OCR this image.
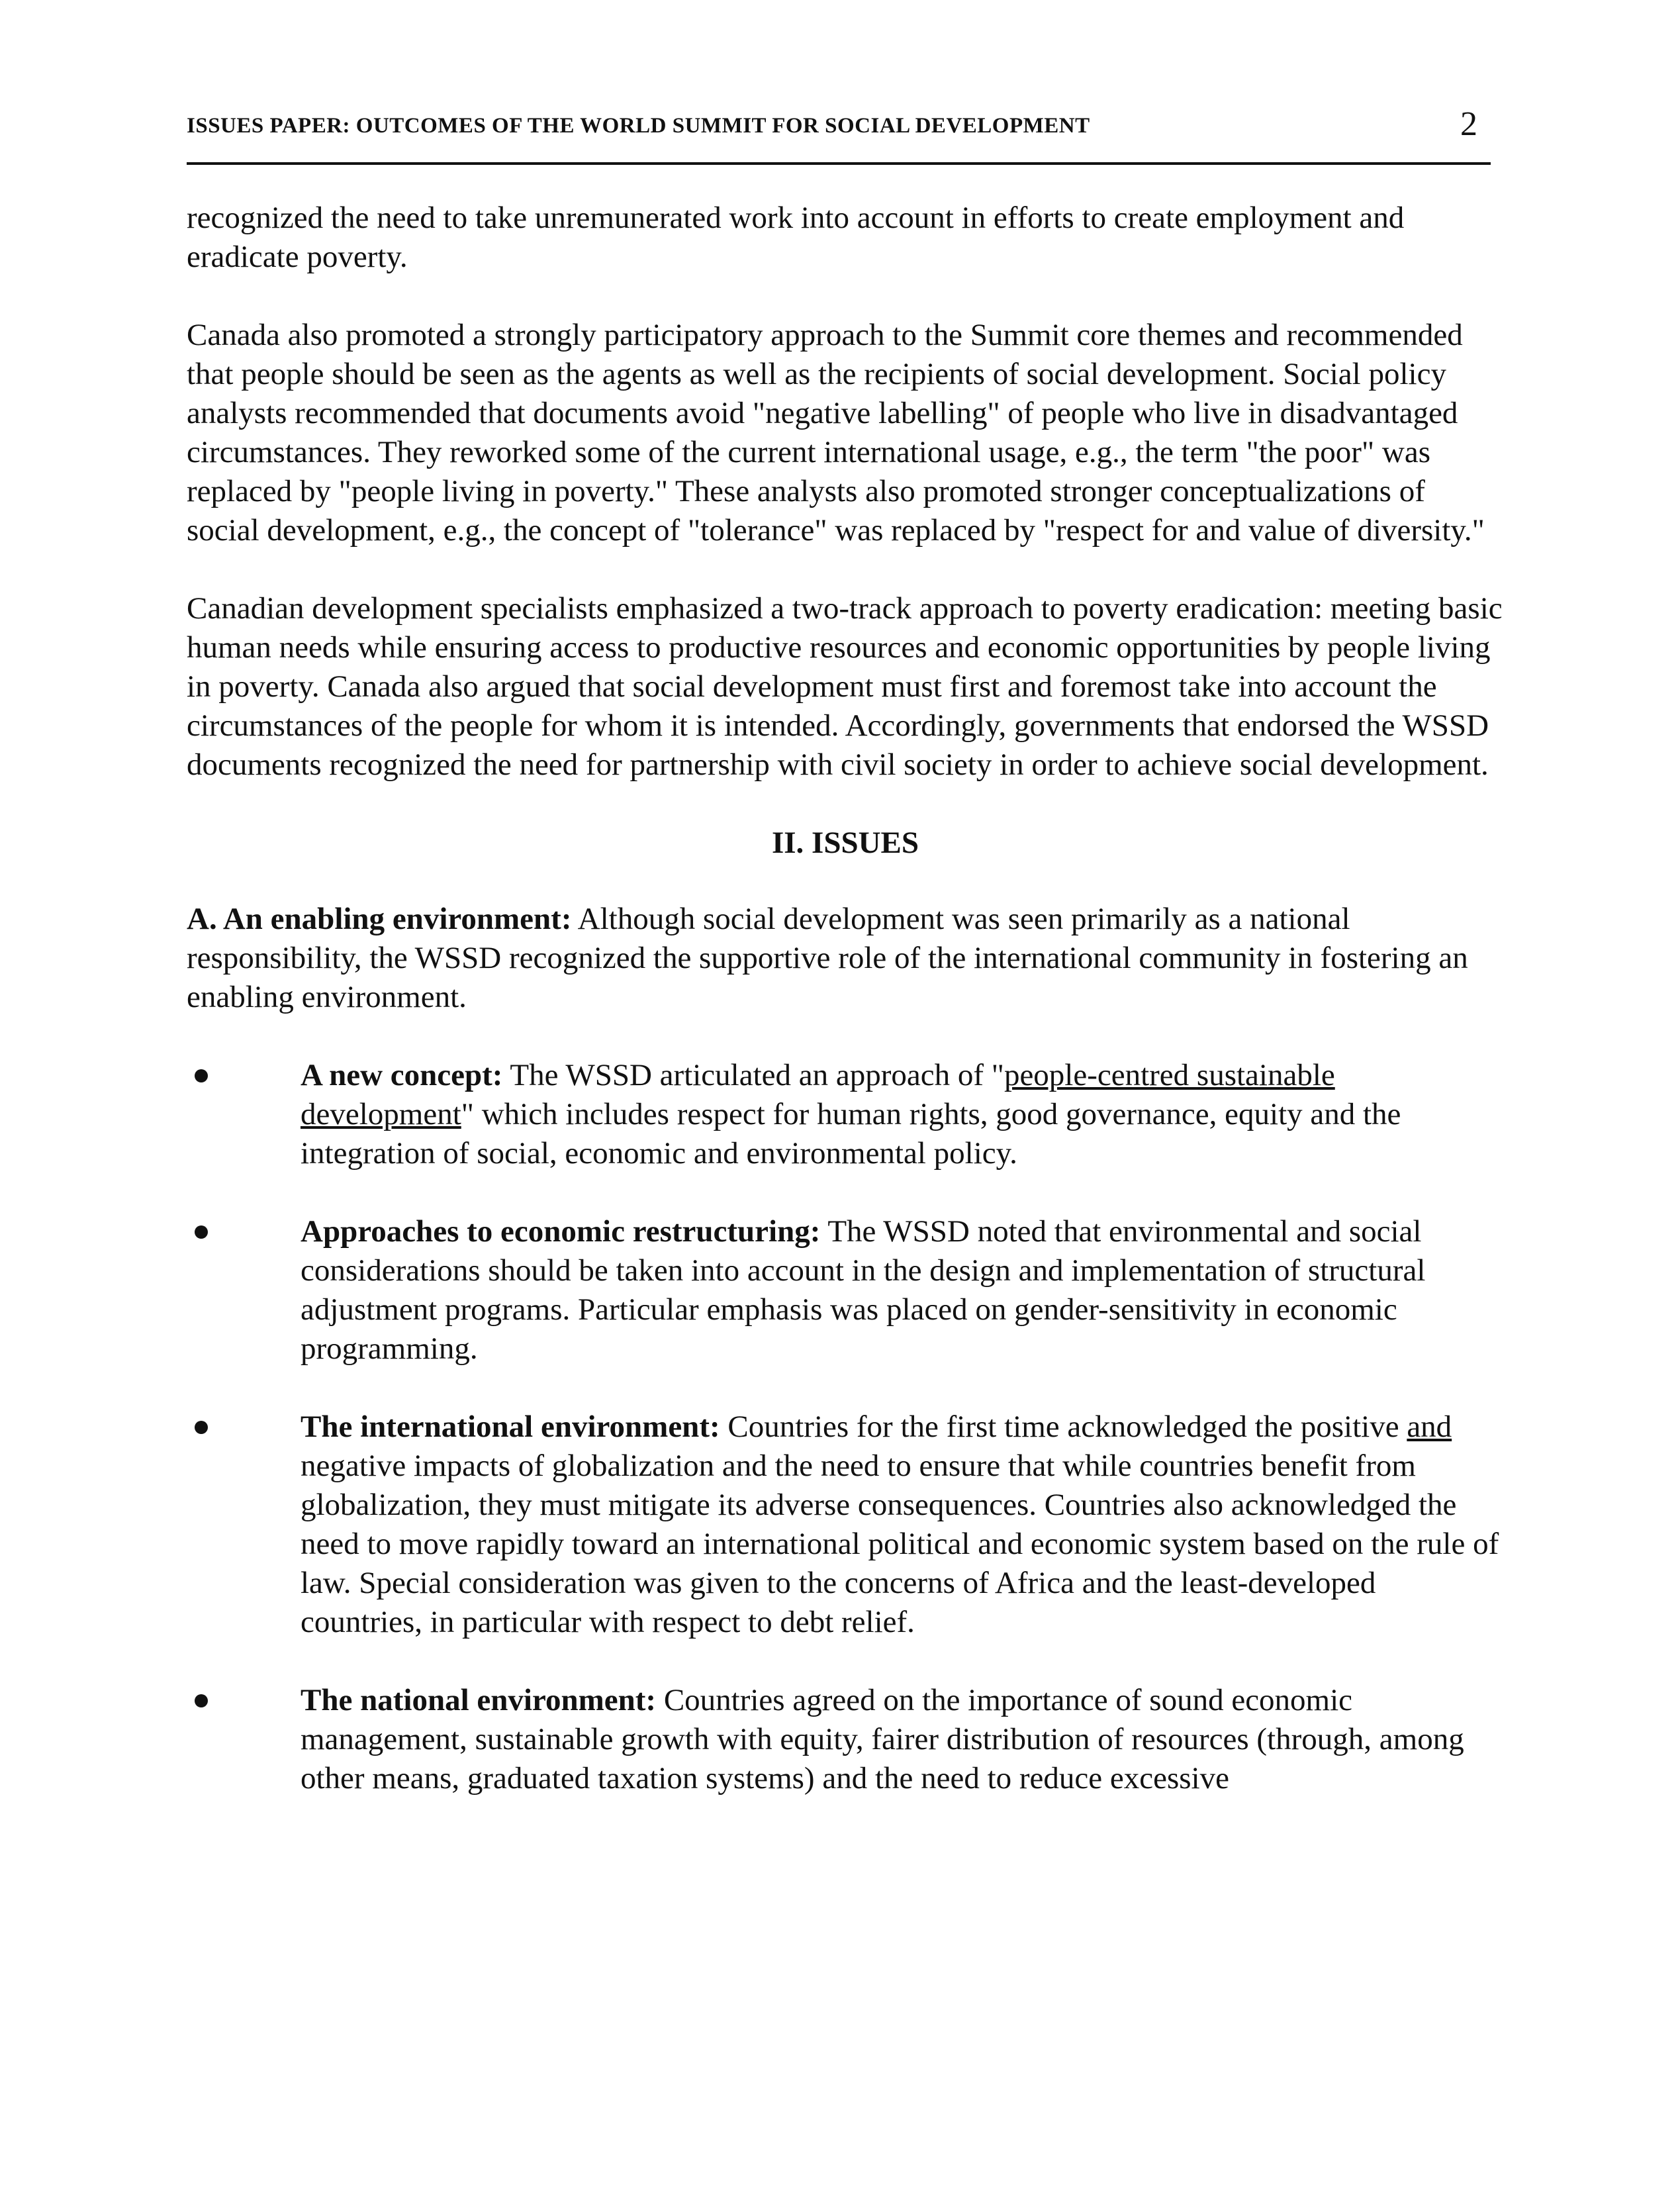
ISSUES PAPER: OUTCOMES OF THE WORLD SUMMIT FOR SOCIAL DEVELOPMENT	2

recognized the need to take unremunerated work into account in efforts to create employment and eradicate poverty.

Canada also promoted a strongly participatory approach to the Summit core themes and recommended that people should be seen as the agents as well as the recipients of social development. Social policy analysts recommended that documents avoid "negative labelling" of people who live in disadvantaged circumstances. They reworked some of the current international usage, e.g., the term "the poor" was replaced by "people living in poverty." These analysts also promoted stronger conceptualizations of social development, e.g., the concept of "tolerance" was replaced by "respect for and value of diversity."

Canadian development specialists emphasized a two-track approach to poverty eradication: meeting basic human needs while ensuring access to productive resources and economic opportunities by people living in poverty. Canada also argued that social development must first and foremost take into account the circumstances of the people for whom it is intended. Accordingly, governments that endorsed the WSSD documents recognized the need for partnership with civil society in order to achieve social development.

II. ISSUES

A. An enabling environment: Although social development was seen primarily as a national responsibility, the WSSD recognized the supportive role of the international community in fostering an enabling environment.

A new concept: The WSSD articulated an approach of "people-centred sustainable development" which includes respect for human rights, good governance, equity and the integration of social, economic and environmental policy.
Approaches to economic restructuring: The WSSD noted that environmental and social considerations should be taken into account in the design and implementation of structural adjustment programs. Particular emphasis was placed on gender-sensitivity in economic programming.
The international environment: Countries for the first time acknowledged the positive and negative impacts of globalization and the need to ensure that while countries benefit from globalization, they must mitigate its adverse consequences. Countries also acknowledged the need to move rapidly toward an international political and economic system based on the rule of law. Special consideration was given to the concerns of Africa and the least-developed countries, in particular with respect to debt relief.
The national environment: Countries agreed on the importance of sound economic management, sustainable growth with equity, fairer distribution of resources (through, among other means, graduated taxation systems) and the need to reduce excessive
